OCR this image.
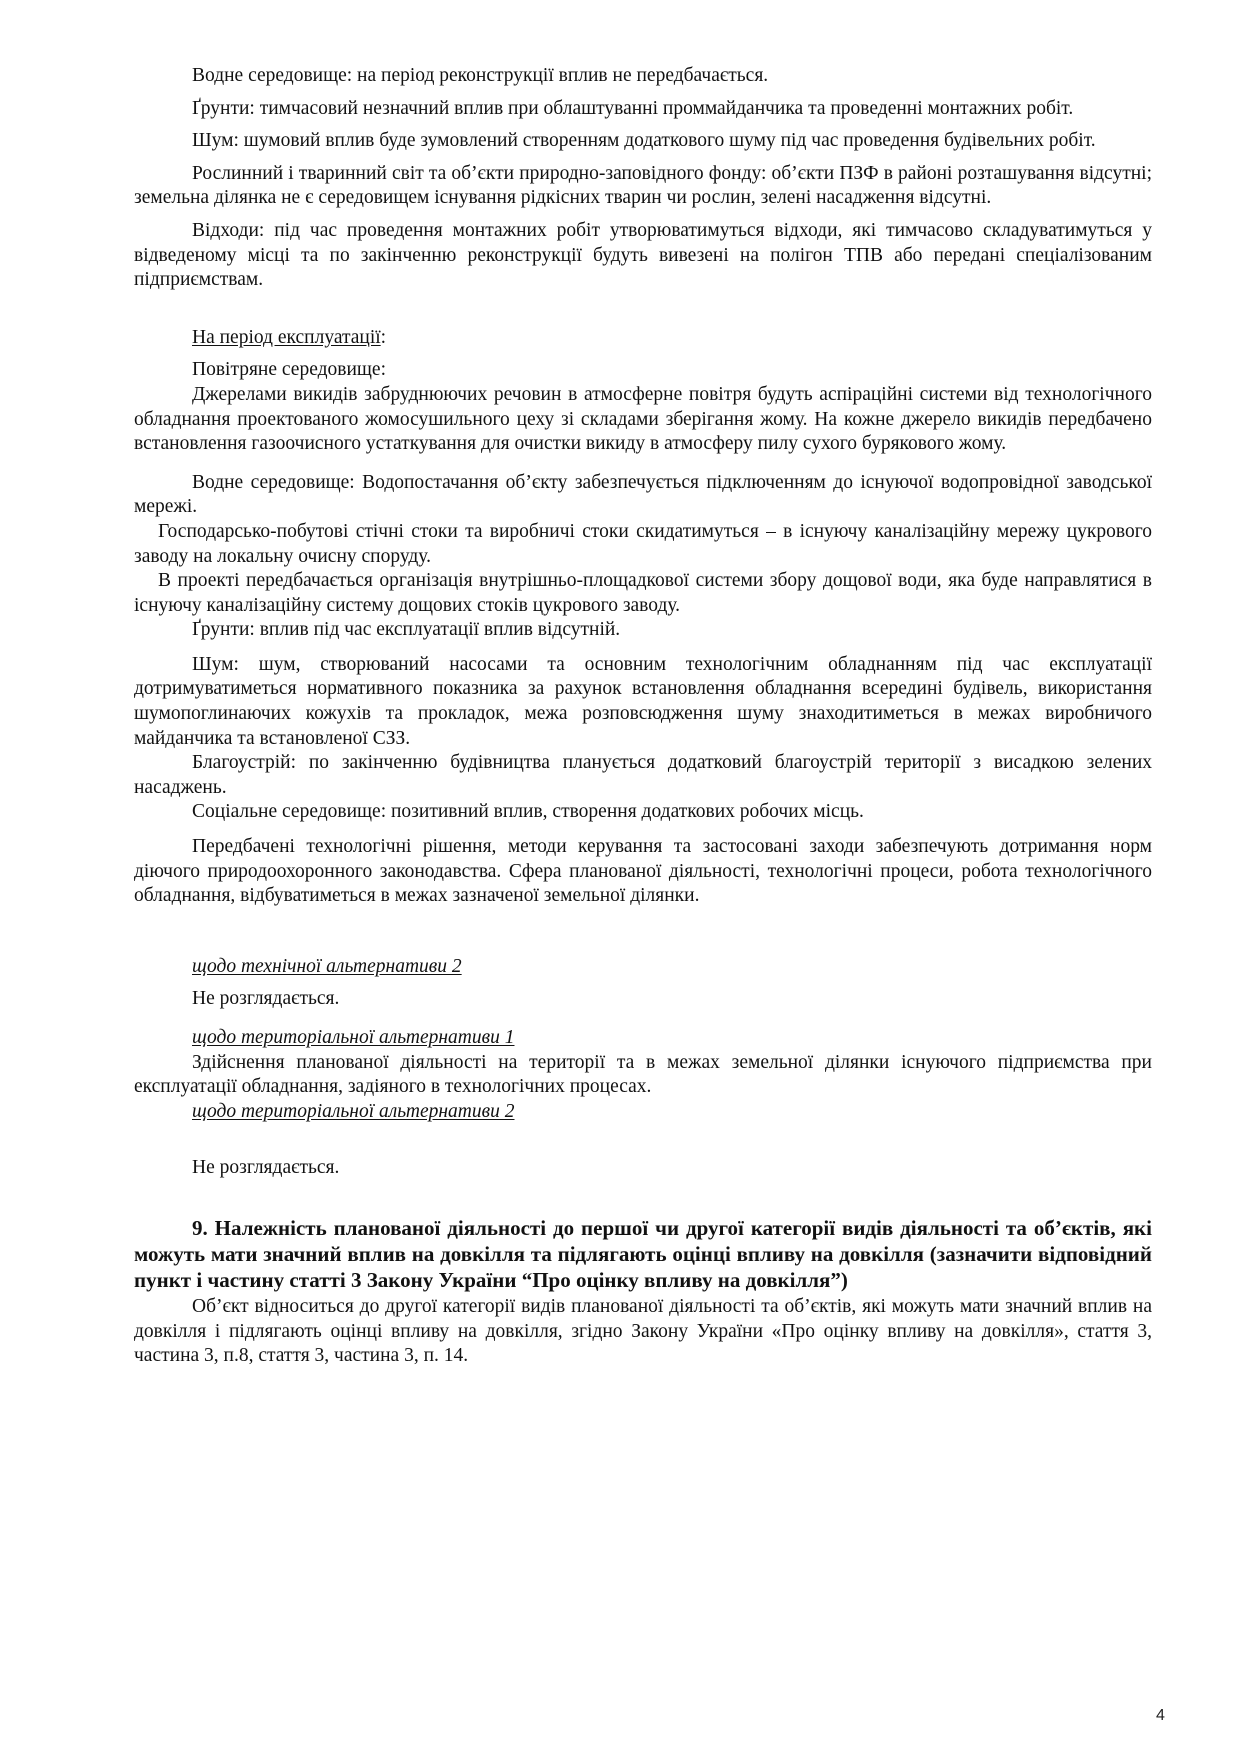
Водне середовище: на період реконструкції вплив не передбачається.

Ґрунти: тимчасовий незначний вплив при облаштуванні проммайданчика та проведенні монтажних робіт.

Шум: шумовий вплив буде зумовлений створенням додаткового шуму під час проведення будівельних робіт.

Рослинний і тваринний світ та об’єкти природно-заповідного фонду: об’єкти ПЗФ в районі розташування відсутні; земельна ділянка не є середовищем існування рідкісних тварин чи рослин, зелені насадження відсутні.

Відходи: під час проведення монтажних робіт утворюватимуться відходи, які тимчасово складуватимуться у відведеному місці та по закінченню реконструкції будуть вивезені на полігон ТПВ або передані спеціалізованим підприємствам.

На період експлуатації:

Повітряне середовище:

Джерелами викидів забруднюючих речовин в атмосферне повітря будуть аспіраційні системи від технологічного обладнання проектованого жомосушильного цеху зі складами зберігання жому. На кожне джерело викидів передбачено встановлення газоочисного устаткування для очистки викиду в атмосферу пилу сухого бурякового жому.

Водне середовище: Водопостачання об’єкту забезпечується підключенням до існуючої водопровідної заводської мережі.

Господарсько-побутові стічні стоки та виробничі стоки скидатимуться – в існуючу каналізаційну мережу цукрового заводу на локальну очисну споруду.

В проекті передбачається організація внутрішньо-площадкової системи збору дощової води, яка буде направлятися в існуючу каналізаційну систему дощових стоків цукрового заводу.

Ґрунти: вплив під час експлуатації вплив відсутній.

Шум: шум, створюваний насосами та основним технологічним обладнанням під час експлуатації дотримуватиметься нормативного показника за рахунок встановлення обладнання всередині будівель, використання шумопоглинаючих кожухів та прокладок, межа розповсюдження шуму знаходитиметься в межах виробничого майданчика та встановленої СЗЗ.

Благоустрій: по закінченню будівництва планується додатковий благоустрій території з висадкою зелених насаджень.

Соціальне середовище: позитивний вплив, створення додаткових робочих місць.

Передбачені технологічні рішення, методи керування та застосовані заходи забезпечують дотримання норм діючого природоохоронного законодавства. Сфера планованої діяльності, технологічні процеси, робота технологічного обладнання, відбуватиметься в межах зазначеної земельної ділянки.

щодо технічної альтернативи 2

Не розглядається.

щодо територіальної альтернативи 1

Здійснення планованої діяльності на території та в межах земельної ділянки існуючого підприємства при експлуатації обладнання, задіяного в технологічних процесах.

щодо територіальної альтернативи 2

Не розглядається.

9. Належність планованої діяльності до першої чи другої категорії видів діяльності та об’єктів, які можуть мати значний вплив на довкілля та підлягають оцінці впливу на довкілля (зазначити відповідний пункт і частину статті 3 Закону України “Про оцінку впливу на довкілля”)

Об’єкт відноситься до другої категорії видів планованої діяльності та об’єктів, які можуть мати значний вплив на довкілля і підлягають оцінці впливу на довкілля, згідно Закону України «Про оцінку впливу на довкілля», стаття 3, частина 3, п.8, стаття 3, частина 3, п. 14.

4
